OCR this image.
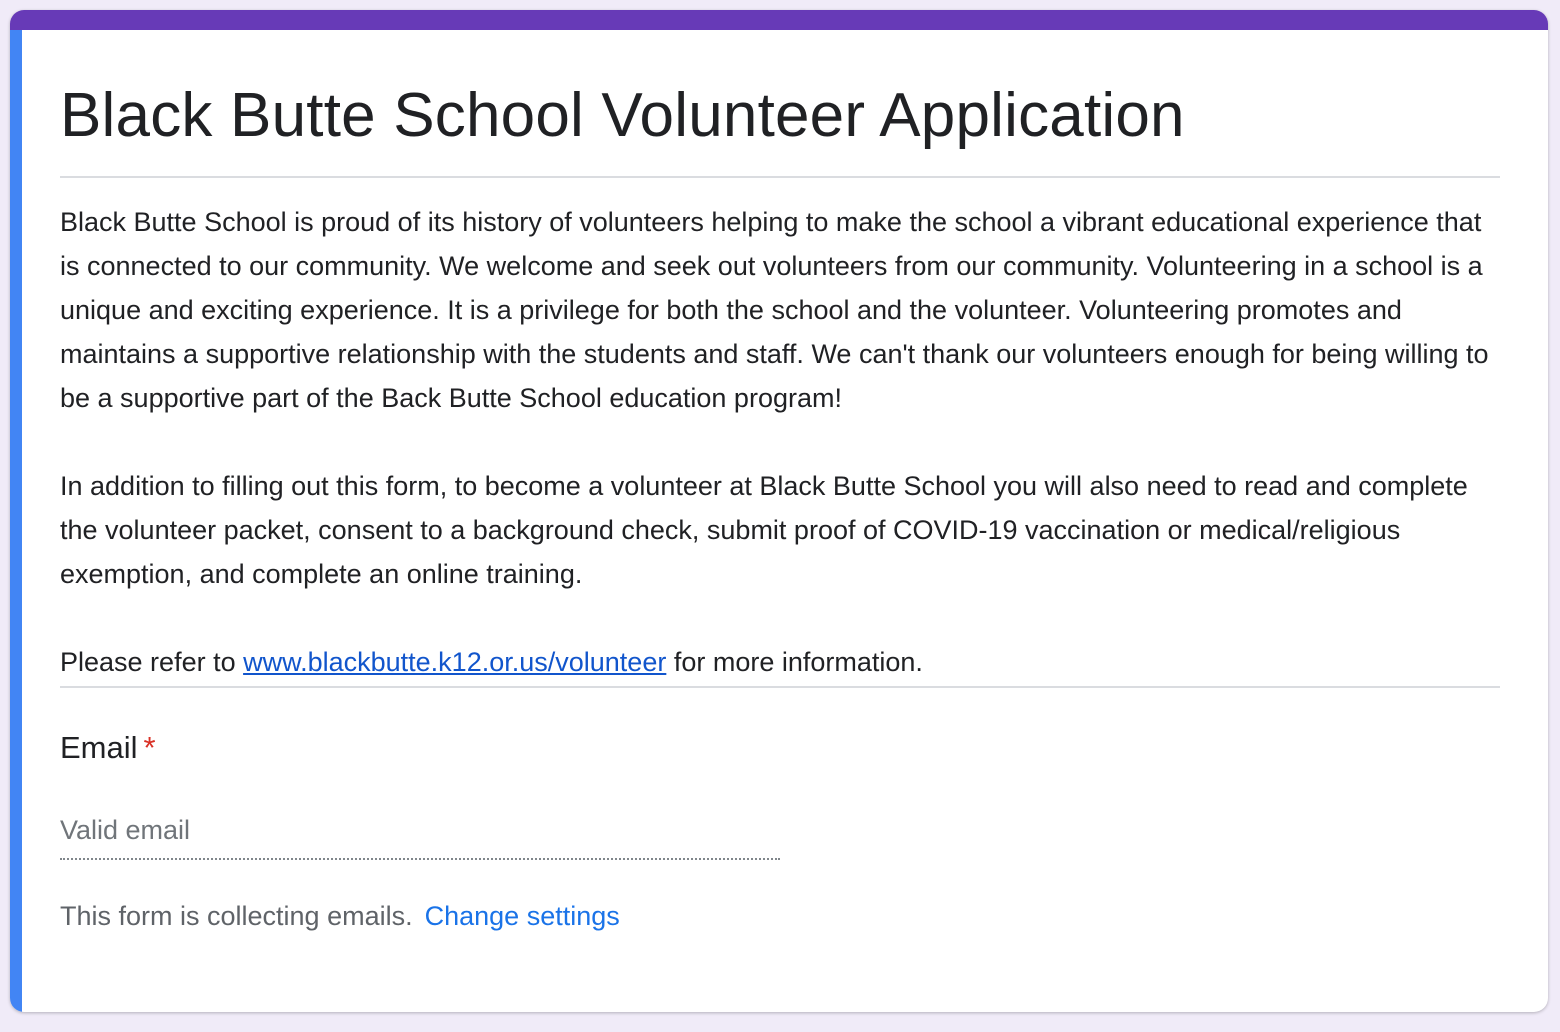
Black Butte School Volunteer Application

Black Butte School is proud of its history of volunteers helping to make the school a vibrant educational experience that is connected to our community. We welcome and seek out volunteers from our community. Volunteering in a school is a unique and exciting experience. It is a privilege for both the school and the volunteer. Volunteering promotes and maintains a supportive relationship with the students and staff. We can't thank our volunteers enough for being willing to be a supportive part of the Back Butte School education program!

In addition to filling out this form, to become a volunteer at Black Butte School you will also need to read and complete the volunteer packet, consent to a background check, submit proof of COVID-19 vaccination or medical/religious exemption, and complete an online training.

Please refer to www.blackbutte.k12.or.us/volunteer for more information.

Email *
Valid email
This form is collecting emails. Change settings
